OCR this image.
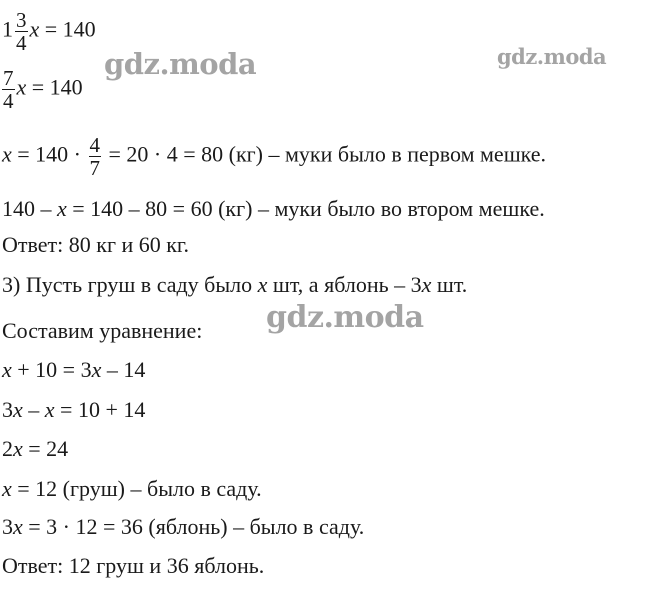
gdz.moda	gdz.moda
gdz.moda
$1 \frac{3}{4}$ x = 140
$\frac{7}{4}$ x = 140
$x = 140 \cdot \frac{4}{7} = 20 \cdot 4 = 80$ (кг) – муки было в первом мешке.
140 – x = 140 – 80 = 60 (кг) – муки было во втором мешке.
Ответ: 80 кг и 60 кг.
3) Пусть груш в саду было x шт, а яблонь – 3x шт.
Составим уравнение:
x + 10 = 3x – 14
3x – x = 10 + 14
2x = 24
x = 12 (груш) – было в саду.
3x = 3 · 12 = 36 (яблонь) – было в саду.
Ответ: 12 груш и 36 яблонь.
